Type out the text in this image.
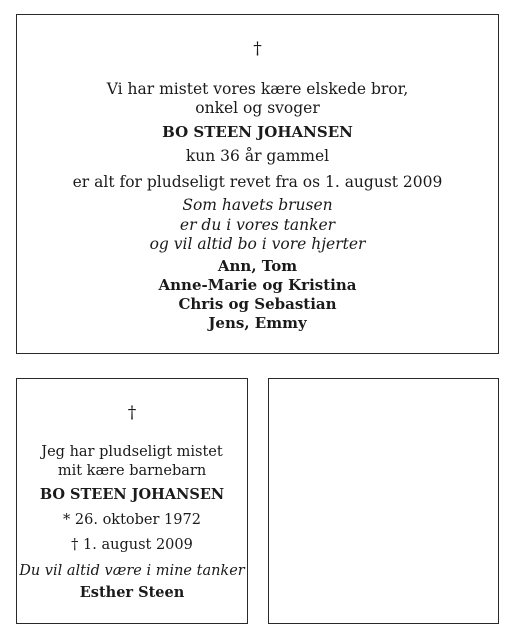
†
Vi har mistet vores kære elskede bror,
onkel og svoger
BO STEEN JOHANSEN
kun 36 år gammel
er alt for pludseligt revet fra os 1. august 2009
Som havets brusen
er du i vores tanker
og vil altid bo i vore hjerter
Ann, Tom
Anne-Marie og Kristina
Chris og Sebastian
Jens, Emmy
†
Jeg har pludseligt mistet
mit kære barnebarn
BO STEEN JOHANSEN
* 26. oktober 1972
† 1. august 2009
Du vil altid være i mine tanker
Esther Steen
